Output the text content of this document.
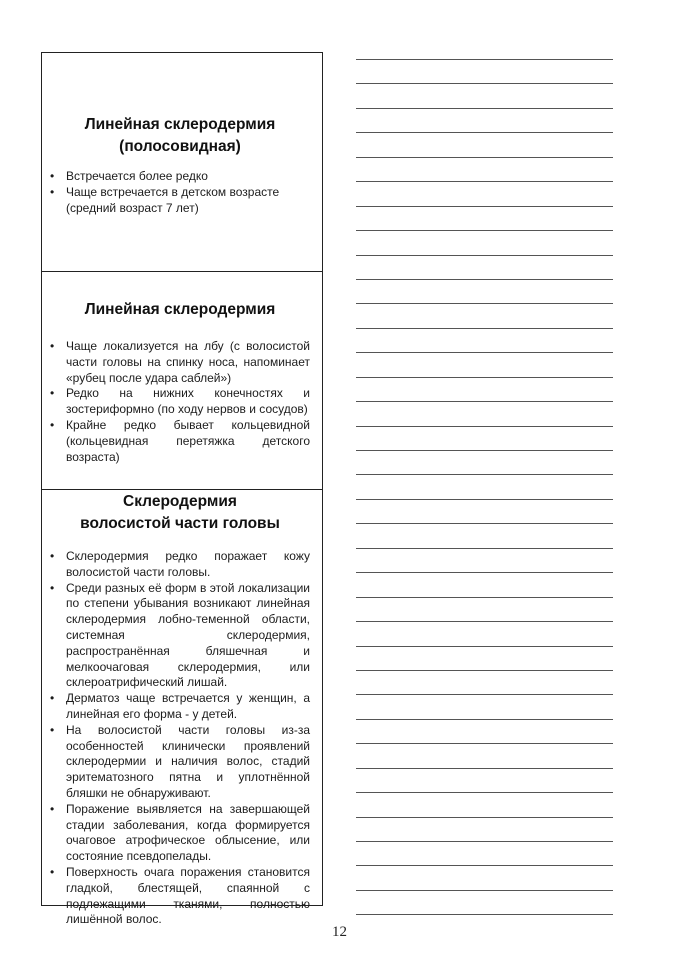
Линейная склеродермия
(полосовидная)
• Встречается более редко
• Чаще встречается в детском возрасте (средний возраст 7 лет)
Линейная склеродермия
• Чаще локализуется на лбу (с волосистой части головы на спинку носа, напоминает «рубец после удара саблей»)
• Редко на нижних конечностях и зостериформно (по ходу нервов и сосудов)
• Крайне редко бывает кольцевидной (кольцевидная перетяжка детского возраста)
Склеродермия
волосистой части головы
• Склеродермия редко поражает кожу волосистой части головы.
• Среди разных её форм в этой локализации по степени убывания возникают линейная склеродермия лобно-теменной области, системная склеродермия, распространённая бляшечная и мелкоочаговая склеродермия, или склероатрифический лишай.
• Дерматоз чаще встречается у женщин, а линейная его форма - у детей.
• На волосистой части головы из-за особенностей клинически проявлений склеродермии и наличия волос, стадий эритематозного пятна и уплотнённой бляшки не обнаруживают.
• Поражение выявляется на завершающей стадии заболевания, когда формируется очаговое атрофическое облысение, или состояние псевдопелады.
• Поверхность очага поражения становится гладкой, блестящей, спаянной с подлежащими тканями, полностью лишённой волос.
12
